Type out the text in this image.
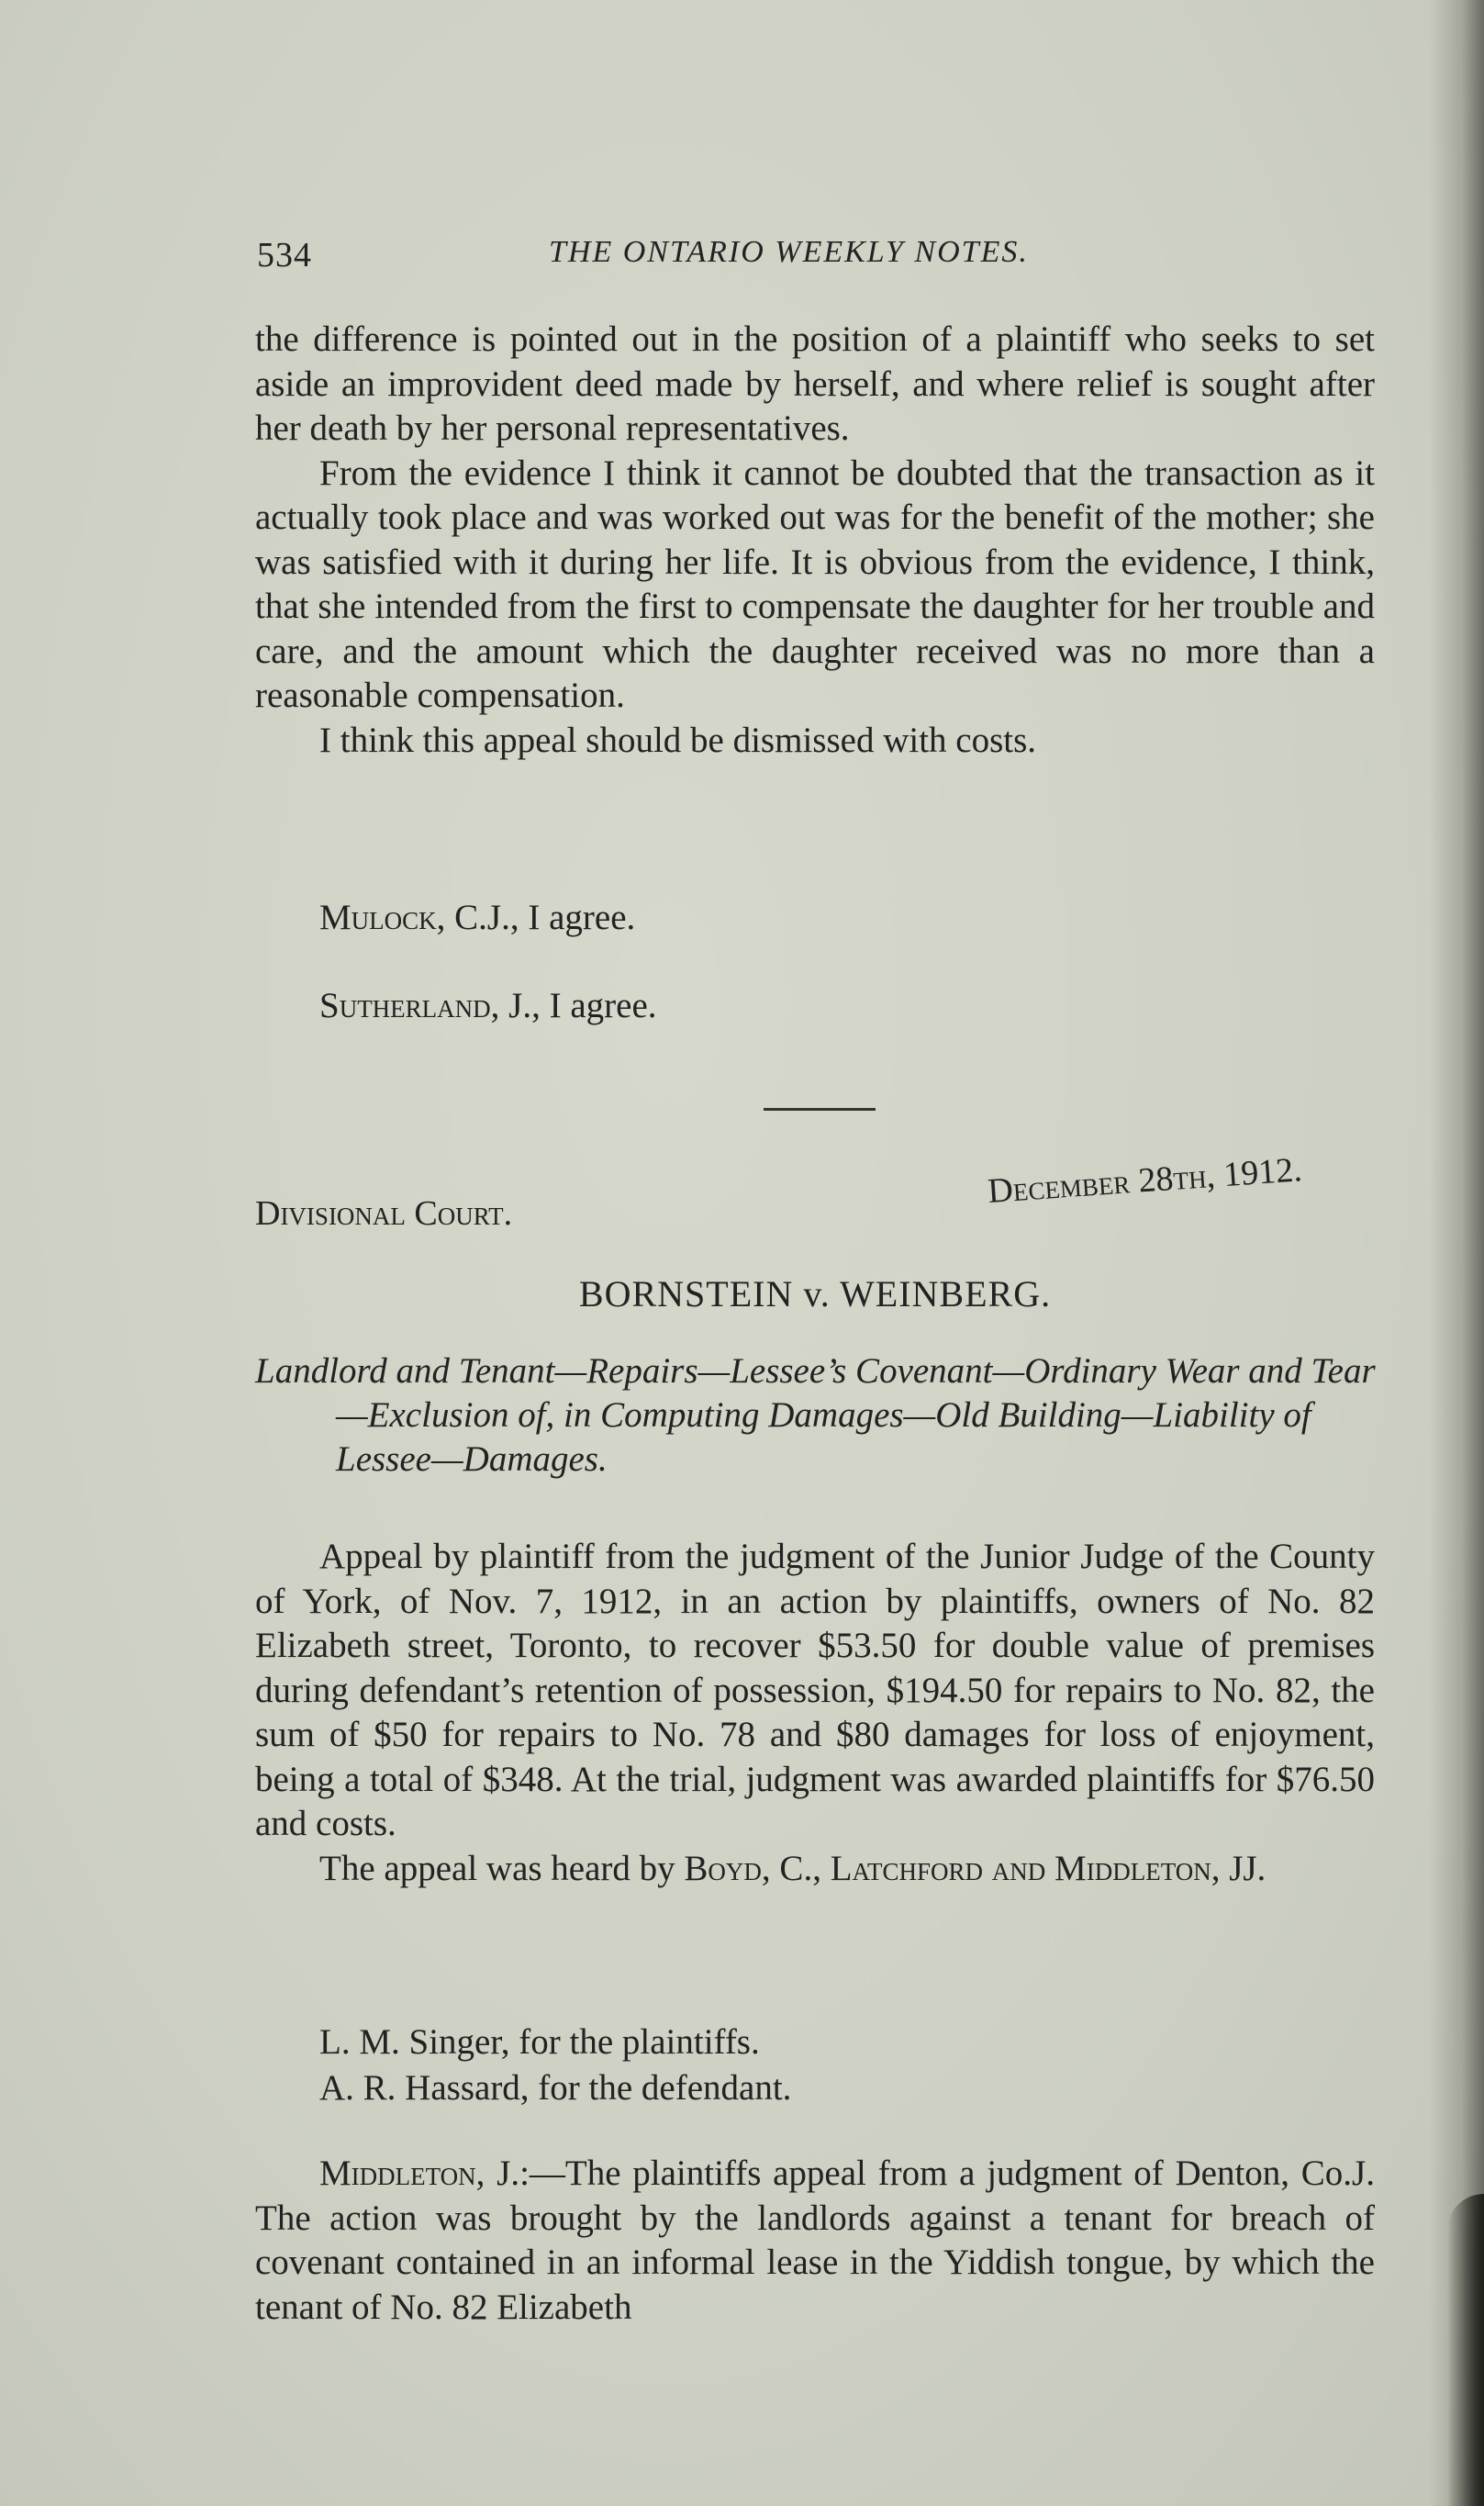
534	THE ONTARIO WEEKLY NOTES.

the difference is pointed out in the position of a plaintiff who seeks to set aside an improvident deed made by herself, and where relief is sought after her death by her personal representatives.

From the evidence I think it cannot be doubted that the transaction as it actually took place and was worked out was for the benefit of the mother; she was satisfied with it during her life. It is obvious from the evidence, I think, that she intended from the first to compensate the daughter for her trouble and care, and the amount which the daughter received was no more than a reasonable compensation.

I think this appeal should be dismissed with costs.

Mulock, C.J., I agree.

Sutherland, J., I agree.

Divisional Court.
December 28th, 1912.
BORNSTEIN v. WEINBERG.

Landlord and Tenant—Repairs—Lessee’s Covenant—Ordinary Wear and Tear—Exclusion of, in Computing Damages—Old Building—Liability of Lessee—Damages.

Appeal by plaintiff from the judgment of the Junior Judge of the County of York, of Nov. 7, 1912, in an action by plaintiffs, owners of No. 82 Elizabeth street, Toronto, to recover $53.50 for double value of premises during defendant’s retention of possession, $194.50 for repairs to No. 82, the sum of $50 for repairs to No. 78 and $80 damages for loss of enjoyment, being a total of $348. At the trial, judgment was awarded plaintiffs for $76.50 and costs.

The appeal was heard by Boyd, C., Latchford and Middleton, JJ.

L. M. Singer, for the plaintiffs.

A. R. Hassard, for the defendant.

Middleton, J.:—The plaintiffs appeal from a judgment of Denton, Co.J. The action was brought by the landlords against a tenant for breach of covenant contained in an informal lease in the Yiddish tongue, by which the tenant of No. 82 Elizabeth
